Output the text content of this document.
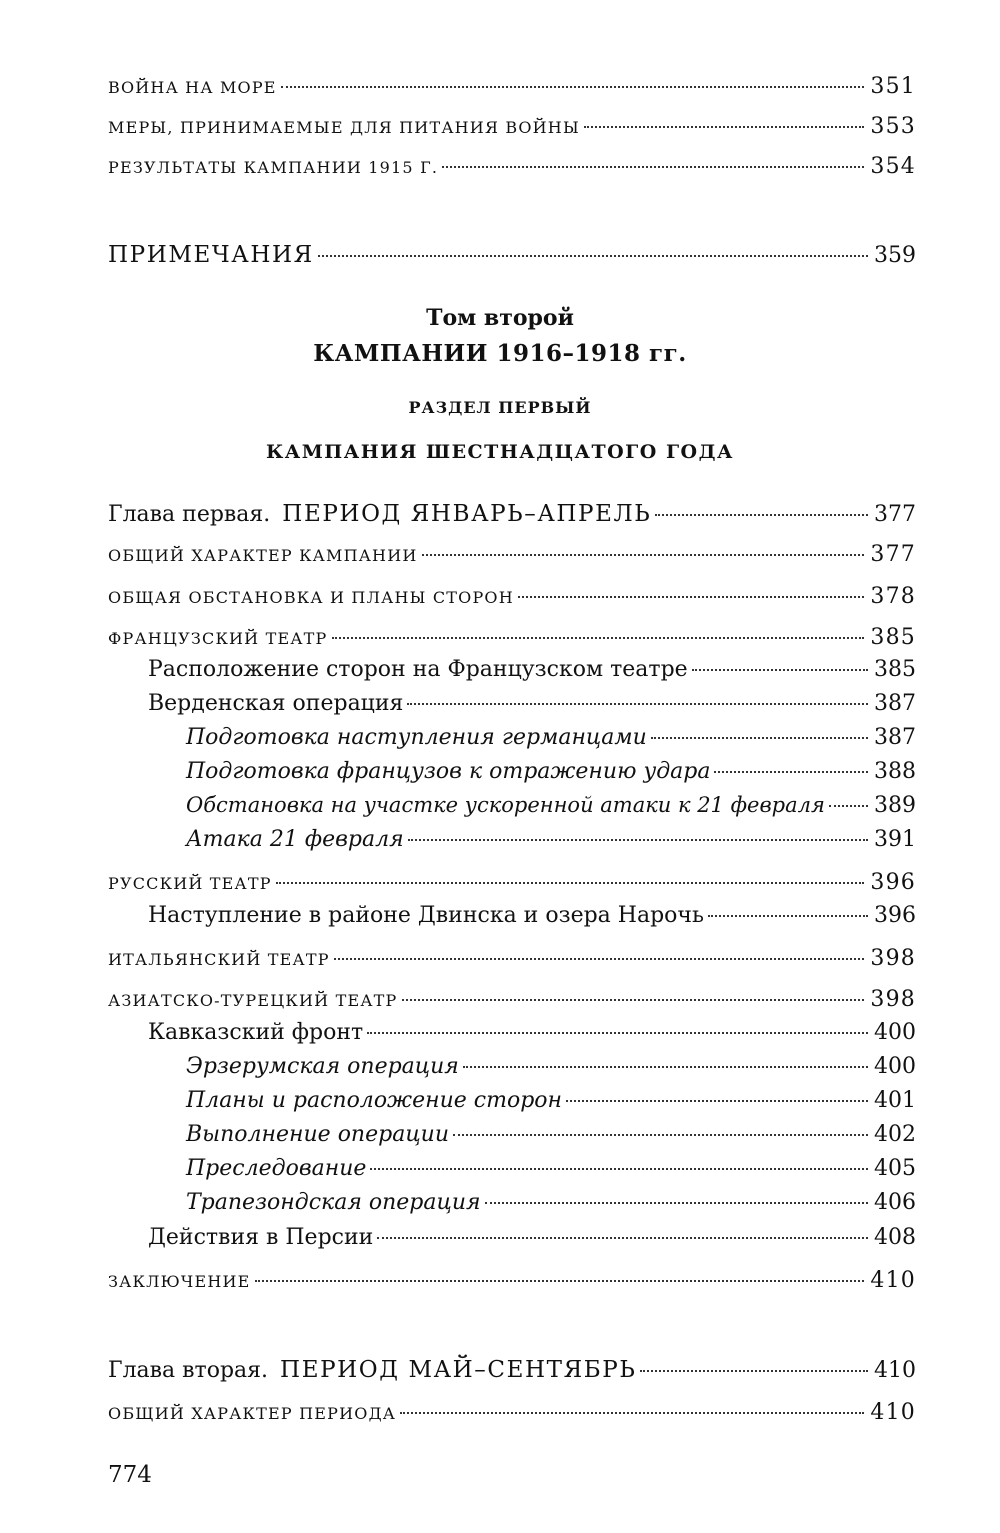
ВОЙНА НА МОРЕ	351
МЕРЫ, ПРИНИМАЕМЫЕ ДЛЯ ПИТАНИЯ ВОЙНЫ	353
РЕЗУЛЬТАТЫ КАМПАНИИ 1915 Г.	354
ПРИМЕЧАНИЯ	359
Том второй
КАМПАНИИ 1916–1918 гг.
РАЗДЕЛ ПЕРВЫЙ
КАМПАНИЯ ШЕСТНАДЦАТОГО ГОДА
Глава первая. ПЕРИОД ЯНВАРЬ–АПРЕЛЬ	377
ОБЩИЙ ХАРАКТЕР КАМПАНИИ	377
ОБЩАЯ ОБСТАНОВКА И ПЛАНЫ СТОРОН	378
ФРАНЦУЗСКИЙ ТЕАТР	385
Расположение сторон на Французском театре	385
Верденская операция	387
Подготовка наступления германцами	387
Подготовка французов к отражению удара	388
Обстановка на участке ускоренной атаки к 21 февраля 389
Атака 21 февраля	391
РУССКИЙ ТЕАТР	396
Наступление в районе Двинска и озера Нарочь	396
ИТАЛЬЯНСКИЙ ТЕАТР	398
АЗИАТСКО-ТУРЕЦКИЙ ТЕАТР	398
Кавказский фронт	400
Эрзерумская операция	400
Планы и расположение сторон	401
Выполнение операции	402
Преследование	405
Трапезондская операция	406
Действия в Персии	408
ЗАКЛЮЧЕНИЕ	410
Глава вторая. ПЕРИОД МАЙ–СЕНТЯБРЬ	410
ОБЩИЙ ХАРАКТЕР ПЕРИОДА	410
774
